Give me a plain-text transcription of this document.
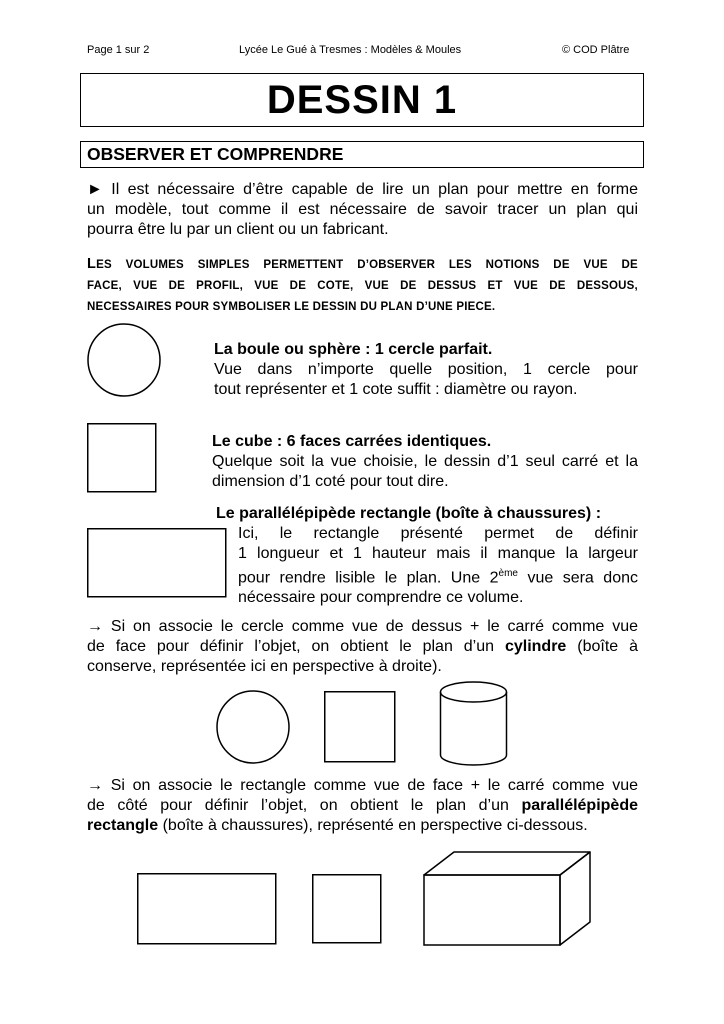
Page 1 sur 2	Lycée Le Gué à Tresmes : Modèles & Moules	© COD Plâtre
DESSIN 1
OBSERVER ET COMPRENDRE
► Il est nécessaire d’être capable de lire un plan pour mettre en forme
un modèle, tout comme il est nécessaire de savoir tracer un plan qui
pourra être lu par un client ou un fabricant.
LES VOLUMES SIMPLES PERMETTENT D’OBSERVER LES NOTIONS DE VUE DE
FACE, VUE DE PROFIL, VUE DE COTE, VUE DE DESSUS ET VUE DE DESSOUS,
NECESSAIRES POUR SYMBOLISER LE DESSIN DU PLAN D’UNE PIECE.
La boule ou sphère : 1 cercle parfait.
Vue dans n’importe quelle position, 1 cercle pour
tout représenter et 1 cote suffit : diamètre ou rayon.
Le cube : 6 faces carrées identiques.
Quelque soit la vue choisie, le dessin d’1 seul carré et la
dimension d’1 coté pour tout dire.
Le parallélépipède rectangle (boîte à chaussures) :
Ici, le rectangle présenté permet de définir
1 longueur et 1 hauteur mais il manque la largeur
pour rendre lisible le plan. Une 2ème vue sera donc
nécessaire pour comprendre ce volume.
→ Si on associe le cercle comme vue de dessus + le carré comme vue
de face pour définir l’objet, on obtient le plan d’un cylindre (boîte à
conserve, représentée ici en perspective à droite).
→ Si on associe le rectangle comme vue de face + le carré comme vue
de côté pour définir l’objet, on obtient le plan d’un parallélépipède
rectangle (boîte à chaussures), représenté en perspective ci-dessous.
